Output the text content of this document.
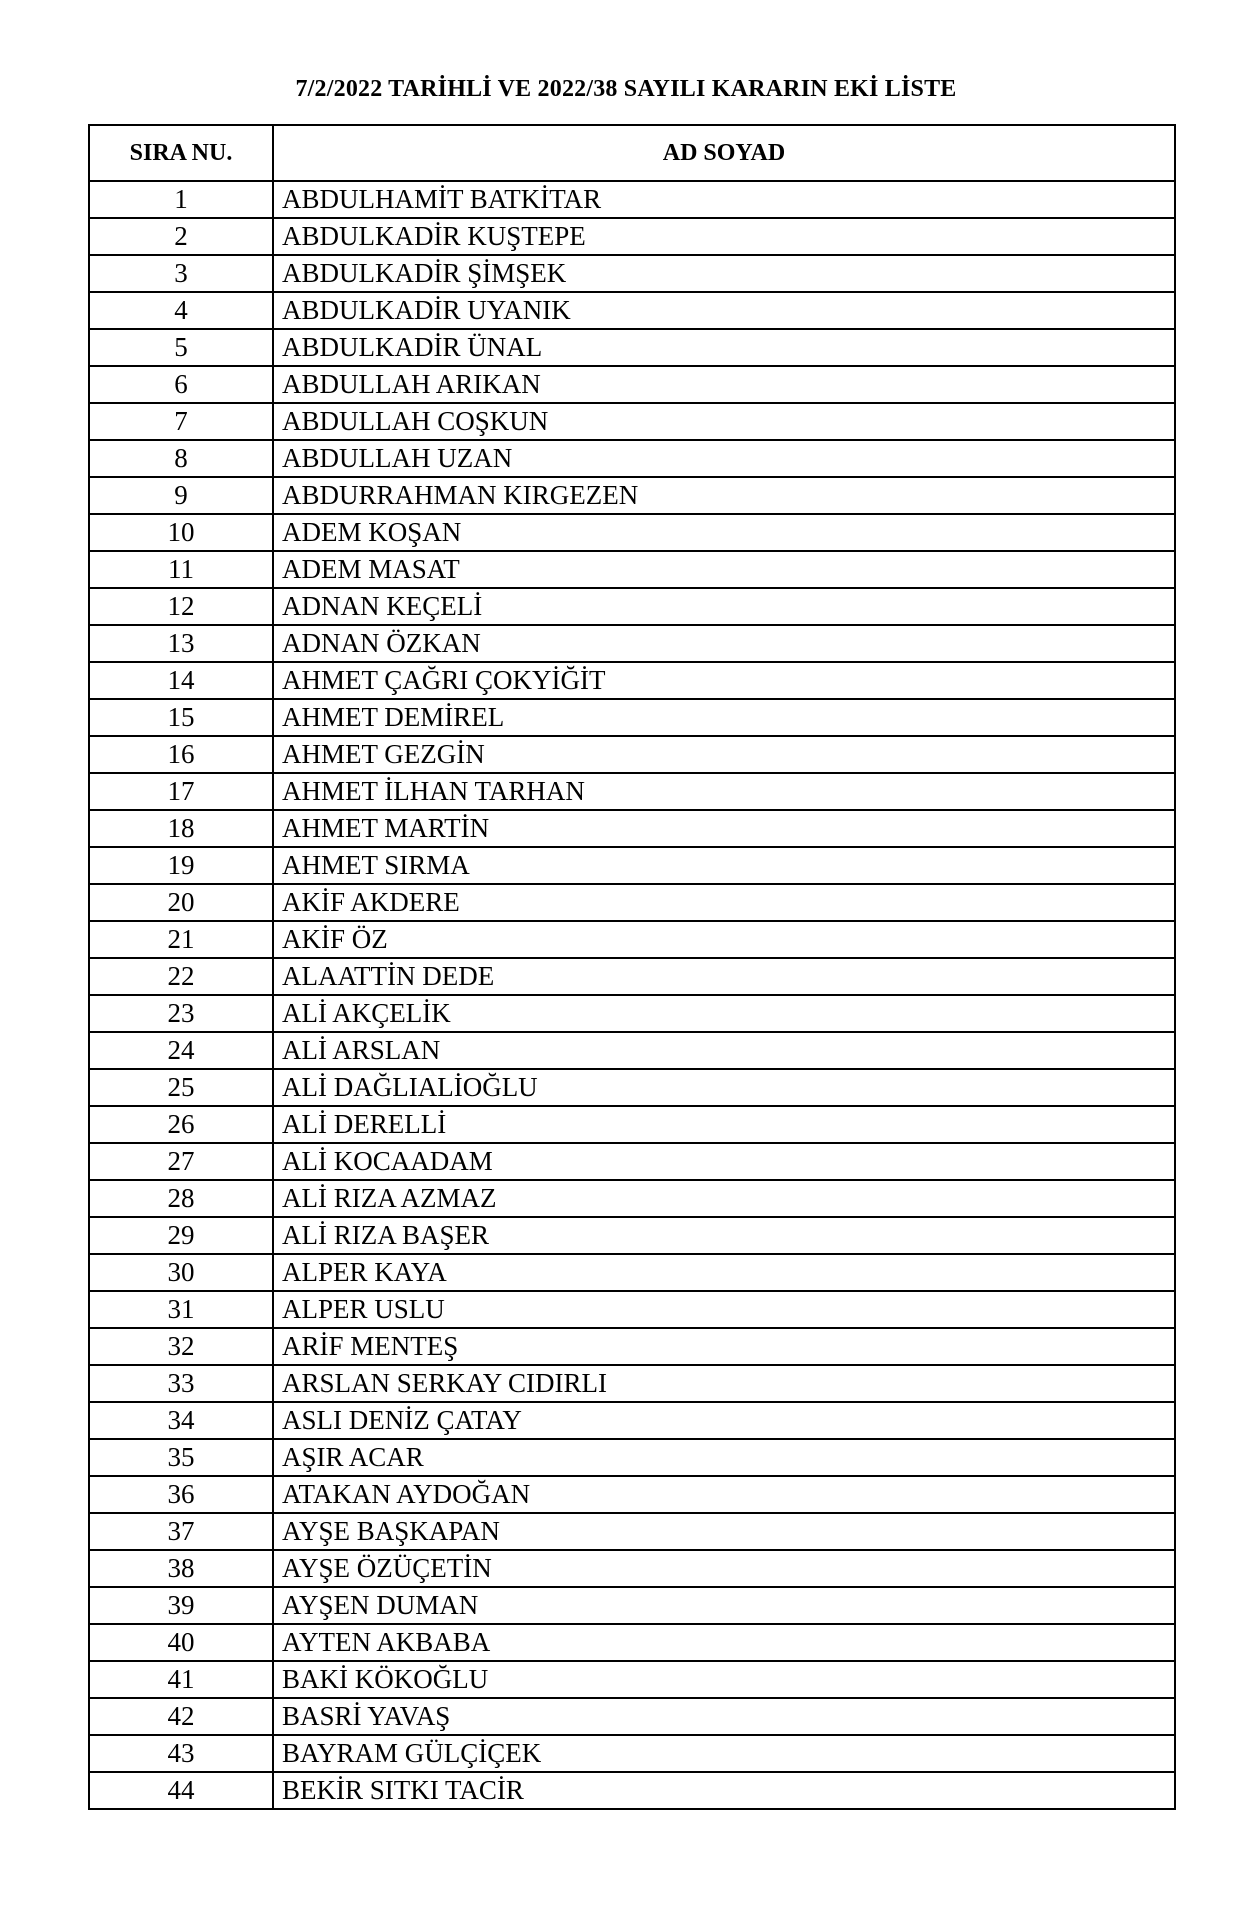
7/2/2022 TARİHLİ VE 2022/38 SAYILI KARARIN EKİ LİSTE
SIRA NU.	AD SOYAD
1	ABDULHAMİT BATKİTAR
2	ABDULKADİR KUŞTEPE
3	ABDULKADİR ŞİMŞEK
4	ABDULKADİR UYANIK
5	ABDULKADİR ÜNAL
6	ABDULLAH ARIKAN
7	ABDULLAH COŞKUN
8	ABDULLAH UZAN
9	ABDURRAHMAN KIRGEZEN
10	ADEM KOŞAN
11	ADEM MASAT
12	ADNAN KEÇELİ
13	ADNAN ÖZKAN
14	AHMET ÇAĞRI ÇOKYİĞİT
15	AHMET DEMİREL
16	AHMET GEZGİN
17	AHMET İLHAN TARHAN
18	AHMET MARTİN
19	AHMET SIRMA
20	AKİF AKDERE
21	AKİF ÖZ
22	ALAATTİN DEDE
23	ALİ AKÇELİK
24	ALİ ARSLAN
25	ALİ DAĞLIALİOĞLU
26	ALİ DERELLİ
27	ALİ KOCAADAM
28	ALİ RIZA AZMAZ
29	ALİ RIZA BAŞER
30	ALPER KAYA
31	ALPER USLU
32	ARİF MENTEŞ
33	ARSLAN SERKAY CIDIRLI
34	ASLI DENİZ ÇATAY
35	AŞIR ACAR
36	ATAKAN AYDOĞAN
37	AYŞE BAŞKAPAN
38	AYŞE ÖZÜÇETİN
39	AYŞEN DUMAN
40	AYTEN AKBABA
41	BAKİ KÖKOĞLU
42	BASRİ YAVAŞ
43	BAYRAM GÜLÇİÇEK
44	BEKİR SITKI TACİR
